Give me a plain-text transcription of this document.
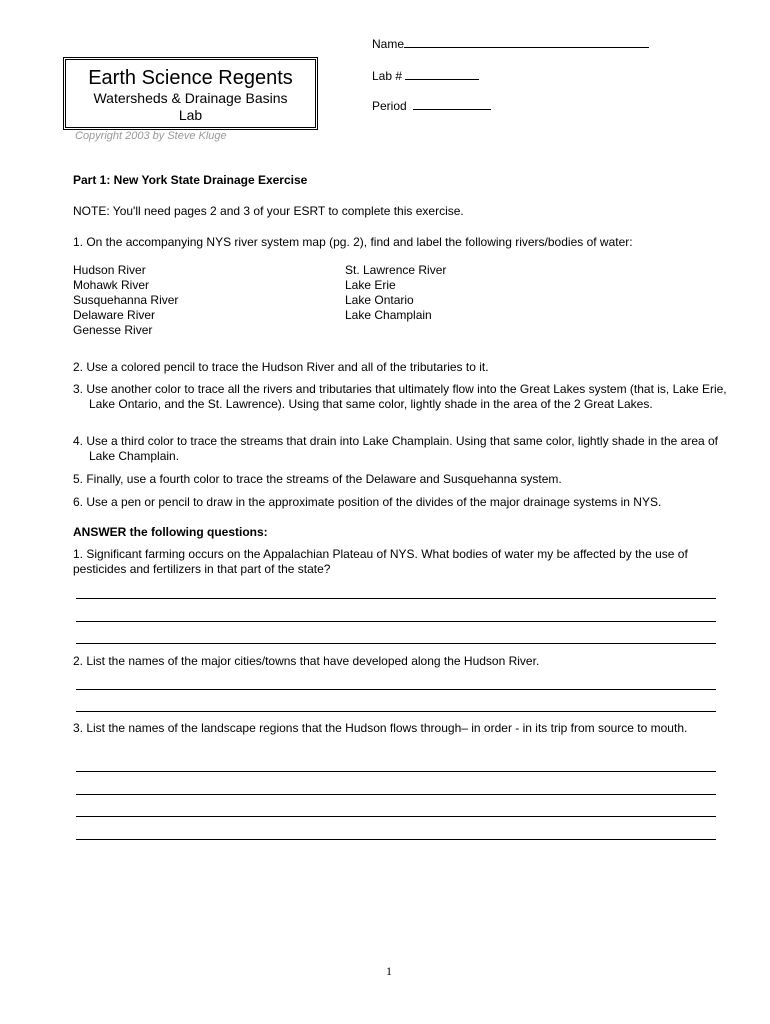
Name
Lab #
Period
Earth Science Regents
Watersheds & Drainage Basins
Lab
Copyright 2003 by Steve Kluge
Part 1: New York State Drainage Exercise
NOTE: You'll need pages 2 and 3 of your ESRT to complete this exercise.
1. On the accompanying NYS river system map (pg. 2), find and label the following rivers/bodies of water:
Hudson River
Mohawk River
Susquehanna River
Delaware River
Genesse River
St. Lawrence River
Lake Erie
Lake Ontario
Lake Champlain
2. Use a colored pencil to trace the Hudson River and all of the tributaries to it.
3. Use another color to trace all the rivers and tributaries that ultimately flow into the Great Lakes system (that is, Lake Erie, Lake Ontario, and the St. Lawrence). Using that same color, lightly shade in the area of the 2 Great Lakes.
4. Use a third color to trace the streams that drain into Lake Champlain. Using that same color, lightly shade in the area of Lake Champlain.
5. Finally, use a fourth color to trace the streams of the Delaware and Susquehanna system.
6. Use a pen or pencil to draw in the approximate position of the divides of the major drainage systems in NYS.
ANSWER the following questions:
1. Significant farming occurs on the Appalachian Plateau of NYS. What bodies of water my be affected by the use of pesticides and fertilizers in that part of the state?
2. List the names of the major cities/towns that have developed along the Hudson River.
3. List the names of the landscape regions that the Hudson flows through– in order - in its trip from source to mouth.
1
